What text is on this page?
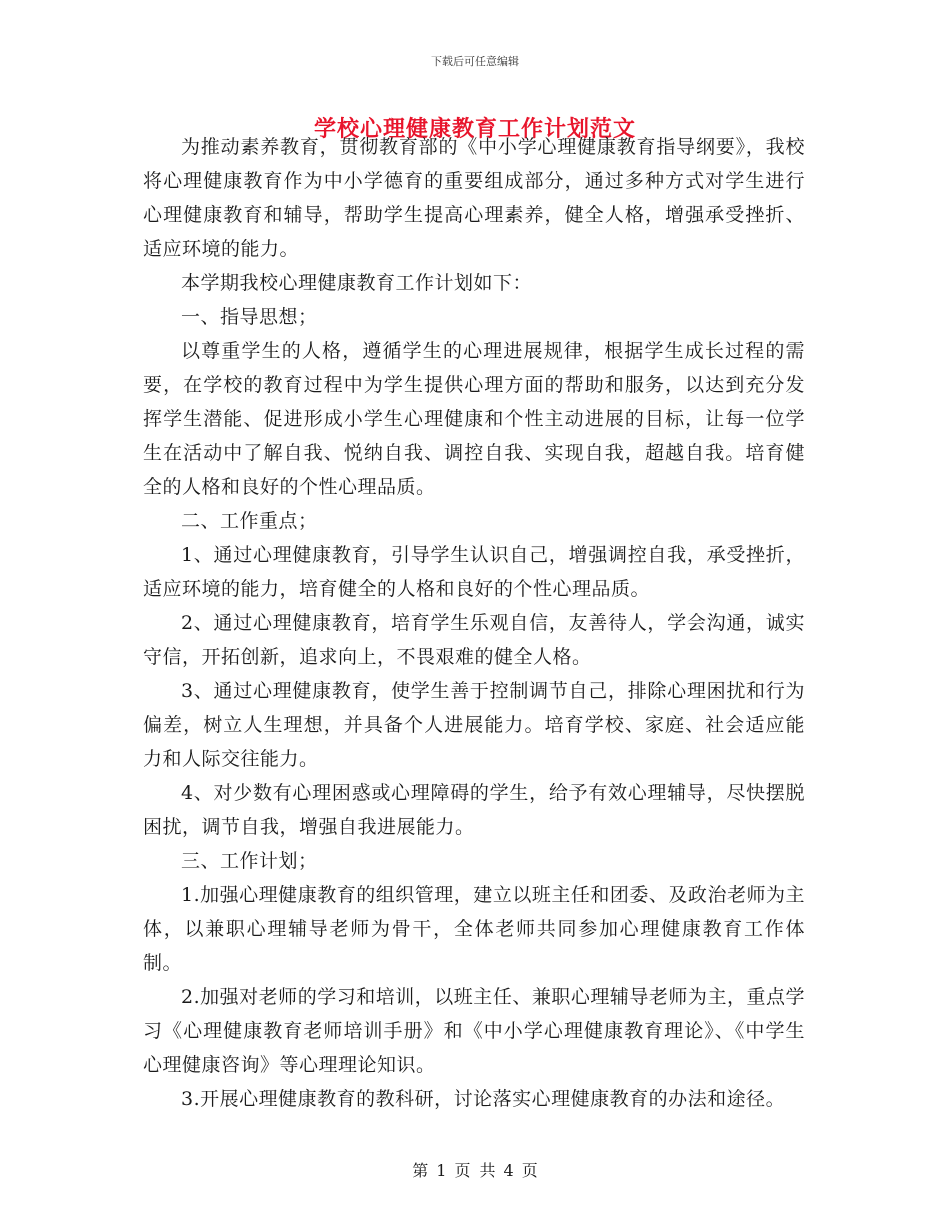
下载后可任意编辑
学校心理健康教育工作计划范文

为推动素养教育，贯彻教育部的《中小学心理健康教育指导纲要》，我校将心理健康教育作为中小学德育的重要组成部分，通过多种方式对学生进行心理健康教育和辅导，帮助学生提高心理素养，健全人格，增强承受挫折、适应环境的能力。

本学期我校心理健康教育工作计划如下：

一、指导思想；

以尊重学生的人格，遵循学生的心理进展规律，根据学生成长过程的需要，在学校的教育过程中为学生提供心理方面的帮助和服务，以达到充分发挥学生潜能、促进形成小学生心理健康和个性主动进展的目标，让每一位学生在活动中了解自我、悦纳自我、调控自我、实现自我，超越自我。培育健全的人格和良好的个性心理品质。

二、工作重点；

1、通过心理健康教育，引导学生认识自己，增强调控自我，承受挫折，适应环境的能力，培育健全的人格和良好的个性心理品质。

2、通过心理健康教育，培育学生乐观自信，友善待人，学会沟通，诚实守信，开拓创新，追求向上，不畏艰难的健全人格。

3、通过心理健康教育，使学生善于控制调节自己，排除心理困扰和行为偏差，树立人生理想，并具备个人进展能力。培育学校、家庭、社会适应能力和人际交往能力。

4、对少数有心理困惑或心理障碍的学生，给予有效心理辅导，尽快摆脱困扰，调节自我，增强自我进展能力。

三、工作计划；

1.加强心理健康教育的组织管理，建立以班主任和团委、及政治老师为主体，以兼职心理辅导老师为骨干，全体老师共同参加心理健康教育工作体制。

2.加强对老师的学习和培训，以班主任、兼职心理辅导老师为主，重点学习《心理健康教育老师培训手册》和《中小学心理健康教育理论》、《中学生心理健康咨询》等心理理论知识。

3.开展心理健康教育的教科研，讨论落实心理健康教育的办法和途径。

第 1 页 共 4 页
